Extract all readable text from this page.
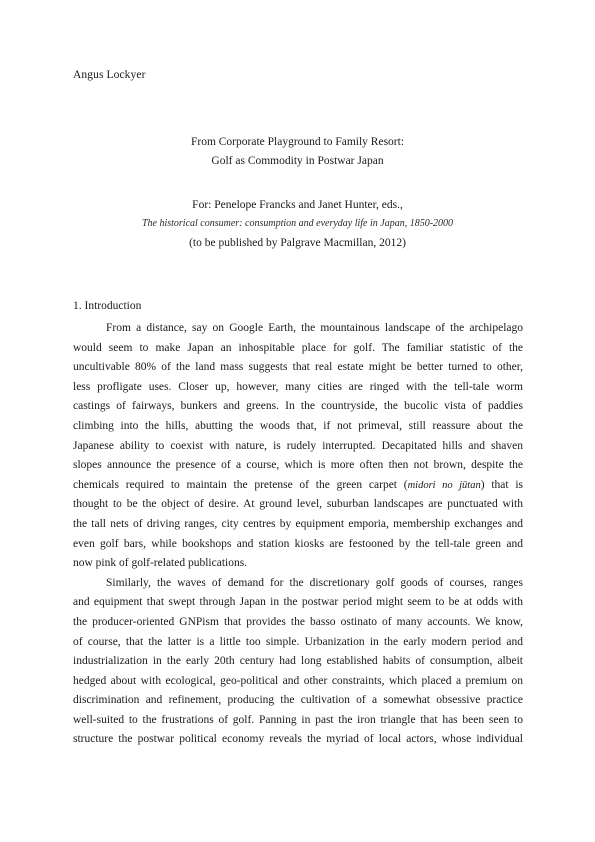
Angus Lockyer
From Corporate Playground to Family Resort:
Golf as Commodity in Postwar Japan
For: Penelope Francks and Janet Hunter, eds.,
The historical consumer: consumption and everyday life in Japan, 1850-2000
(to be published by Palgrave Macmillan, 2012)
1. Introduction
From a distance, say on Google Earth, the mountainous landscape of the archipelago
would seem to make Japan an inhospitable place for golf. The familiar statistic of the
uncultivable 80% of the land mass suggests that real estate might be better turned to other,
less profligate uses. Closer up, however, many cities are ringed with the tell-tale worm
castings of fairways, bunkers and greens. In the countryside, the bucolic vista of paddies
climbing into the hills, abutting the woods that, if not primeval, still reassure about the
Japanese ability to coexist with nature, is rudely interrupted. Decapitated hills and shaven
slopes announce the presence of a course, which is more often then not brown, despite the
chemicals required to maintain the pretense of the green carpet (midori no jūtan) that is
thought to be the object of desire. At ground level, suburban landscapes are punctuated with
the tall nets of driving ranges, city centres by equipment emporia, membership exchanges and
even golf bars, while bookshops and station kiosks are festooned by the tell-tale green and
now pink of golf-related publications.
Similarly, the waves of demand for the discretionary golf goods of courses, ranges
and equipment that swept through Japan in the postwar period might seem to be at odds with
the producer-oriented GNPism that provides the basso ostinato of many accounts. We know,
of course, that the latter is a little too simple. Urbanization in the early modern period and
industrialization in the early 20th century had long established habits of consumption, albeit
hedged about with ecological, geo-political and other constraints, which placed a premium on
discrimination and refinement, producing the cultivation of a somewhat obsessive practice
well-suited to the frustrations of golf. Panning in past the iron triangle that has been seen to
structure the postwar political economy reveals the myriad of local actors, whose individual
